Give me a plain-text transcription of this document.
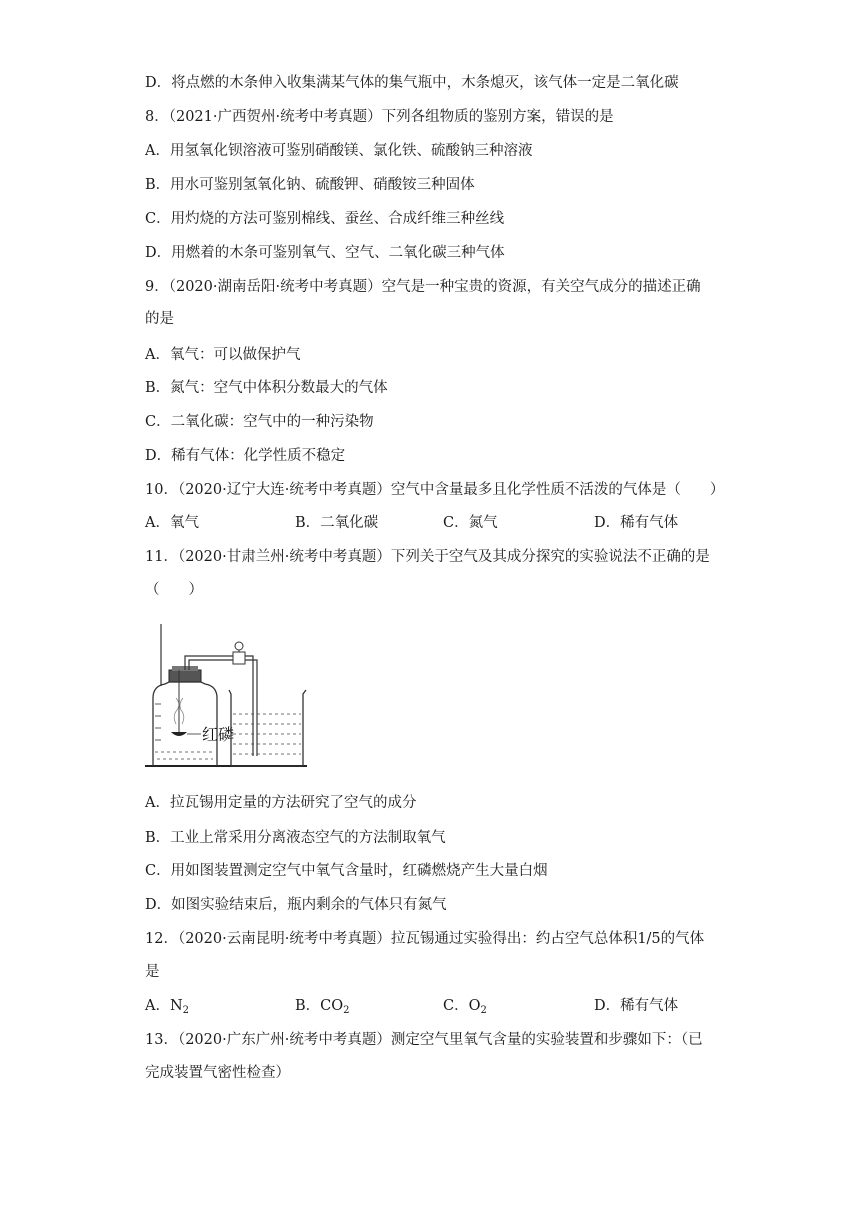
D．将点燃的木条伸入收集满某气体的集气瓶中，木条熄灭，该气体一定是二氧化碳
8．（2021·广西贺州·统考中考真题）下列各组物质的鉴别方案，错误的是
A．用氢氧化钡溶液可鉴别硝酸镁、氯化铁、硫酸钠三种溶液
B．用水可鉴别氢氧化钠、硫酸钾、硝酸铵三种固体
C．用灼烧的方法可鉴别棉线、蚕丝、合成纤维三种丝线
D．用燃着的木条可鉴别氧气、空气、二氧化碳三种气体
9．（2020·湖南岳阳·统考中考真题）空气是一种宝贵的资源，有关空气成分的描述正确
的是
A．氧气：可以做保护气
B．氮气：空气中体积分数最大的气体
C．二氧化碳：空气中的一种污染物
D．稀有气体：化学性质不稳定
10．（2020·辽宁大连·统考中考真题）空气中含量最多且化学性质不活泼的气体是（　　）
A．氧气	B．二氧化碳	C．氮气	D．稀有气体
11．（2020·甘肃兰州·统考中考真题）下列关于空气及其成分探究的实验说法不正确的是
（　　）
红磷
A．拉瓦锡用定量的方法研究了空气的成分
B．工业上常采用分离液态空气的方法制取氧气
C．用如图装置测定空气中氧气含量时，红磷燃烧产生大量白烟
D．如图实验结束后，瓶内剩余的气体只有氮气
12．（2020·云南昆明·统考中考真题）拉瓦锡通过实验得出：约占空气总体积1/5的气体
是
A．$N_2$	B．$CO_2$	C．$O_2$	D．稀有气体
13．（2020·广东广州·统考中考真题）测定空气里氧气含量的实验装置和步骤如下：（已
完成装置气密性检查）
